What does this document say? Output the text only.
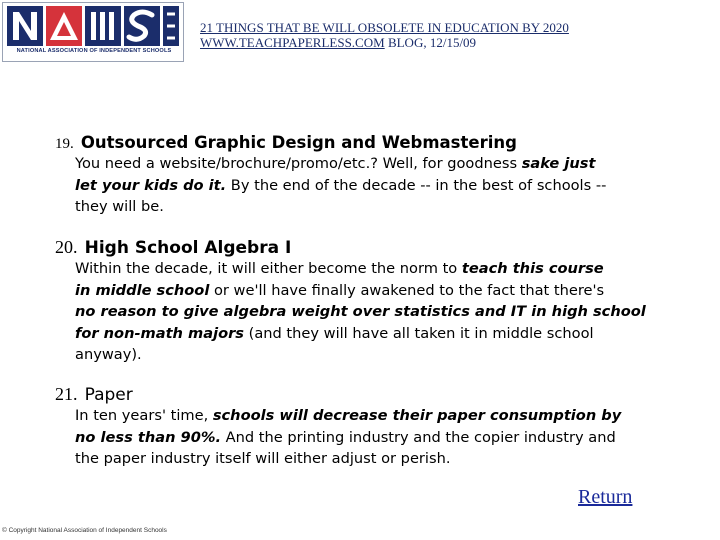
NATIONAL ASSOCIATION OF INDEPENDENT SCHOOLS
21 THINGS THAT BE WILL OBSOLETE IN EDUCATION BY 2020
WWW.TEACHPAPERLESS.COM BLOG, 12/15/09
19. Outsourced Graphic Design and Webmastering

You need a website/brochure/promo/etc.? Well, for goodness sake just

let your kids do it. By the end of the decade -- in the best of schools --

they will be.

20. High School Algebra I

Within the decade, it will either become the norm to teach this course

in middle school or we'll have finally awakened to the fact that there's

no reason to give algebra weight over statistics and IT in high school

for non-math majors (and they will have all taken it in middle school

anyway).

21. Paper

In ten years' time, schools will decrease their paper consumption by

no less than 90%. And the printing industry and the copier industry and

the paper industry itself will either adjust or perish.

Return
© Copyright National Association of Independent Schools
